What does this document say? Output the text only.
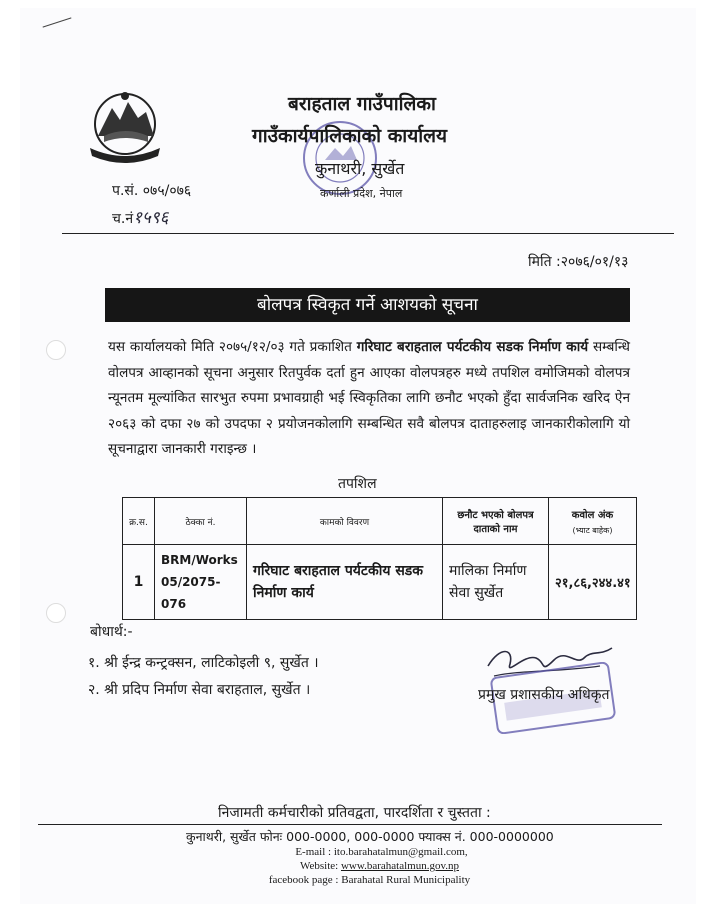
बराहताल गाउँपालिका
गाउँकार्यपालिकाको कार्यालय
कुनाथरी, सुर्खेत
कर्णाली प्रदेश, नेपाल
प.सं. ०७५/०७६
च.नं१५९६
मिति :२०७६/०१/१३
बोलपत्र स्विकृत गर्ने आशयको सूचना
यस कार्यालयको मिति २०७५/१२/०३ गते प्रकाशित गरिघाट बराहताल पर्यटकीय सडक निर्माण कार्य सम्बन्धि वोलपत्र आव्हानको सूचना अनुसार रितपुर्वक दर्ता हुन आएका वोलपत्रहरु मध्ये तपशिल वमोजिमको वोलपत्र न्यूनतम मूल्यांकित सारभुत रुपमा प्रभावग्राही भई स्विकृतिका लागि छनौट भएको हुँदा सार्वजनिक खरिद ऐन २०६३ को दफा २७ को उपदफा २ प्रयोजनकोलागि सम्बन्धित सवै बोलपत्र दाताहरुलाइ जानकारीकोलागि यो सूचनाद्वारा जानकारी गराइन्छ ।
तपशिल
क्र.स.	ठेक्का नं.	कामको विवरण	छनौट भएको बोलपत्र दाताको नाम	कवोल अंक
(भ्याट बाहेक)

1	BRM/Works 05/2075-076	गरिघाट बराहताल पर्यटकीय सडक निर्माण कार्य	मालिका निर्माण सेवा सुर्खेत	२१,८६,२४४.४१
बोधार्थ:-
१. श्री ईन्द्र कन्ट्रक्सन, लाटिकोइली ९, सुर्खेत ।
२. श्री प्रदिप निर्माण सेवा बराहताल, सुर्खेत ।	प्रमुख प्रशासकीय अधिकृत
निजामती कर्मचारीको प्रतिवद्वता, पारदर्शिता र चुस्तता :
कुनाथरी, सुर्खेत फोनः 000-0000, 000-0000 फ्याक्स नं. 000-0000000
E-mail : ito.barahatalmun@gmail.com,
Website: www.barahatalmun.gov.np
facebook page : Barahatal Rural Municipality
